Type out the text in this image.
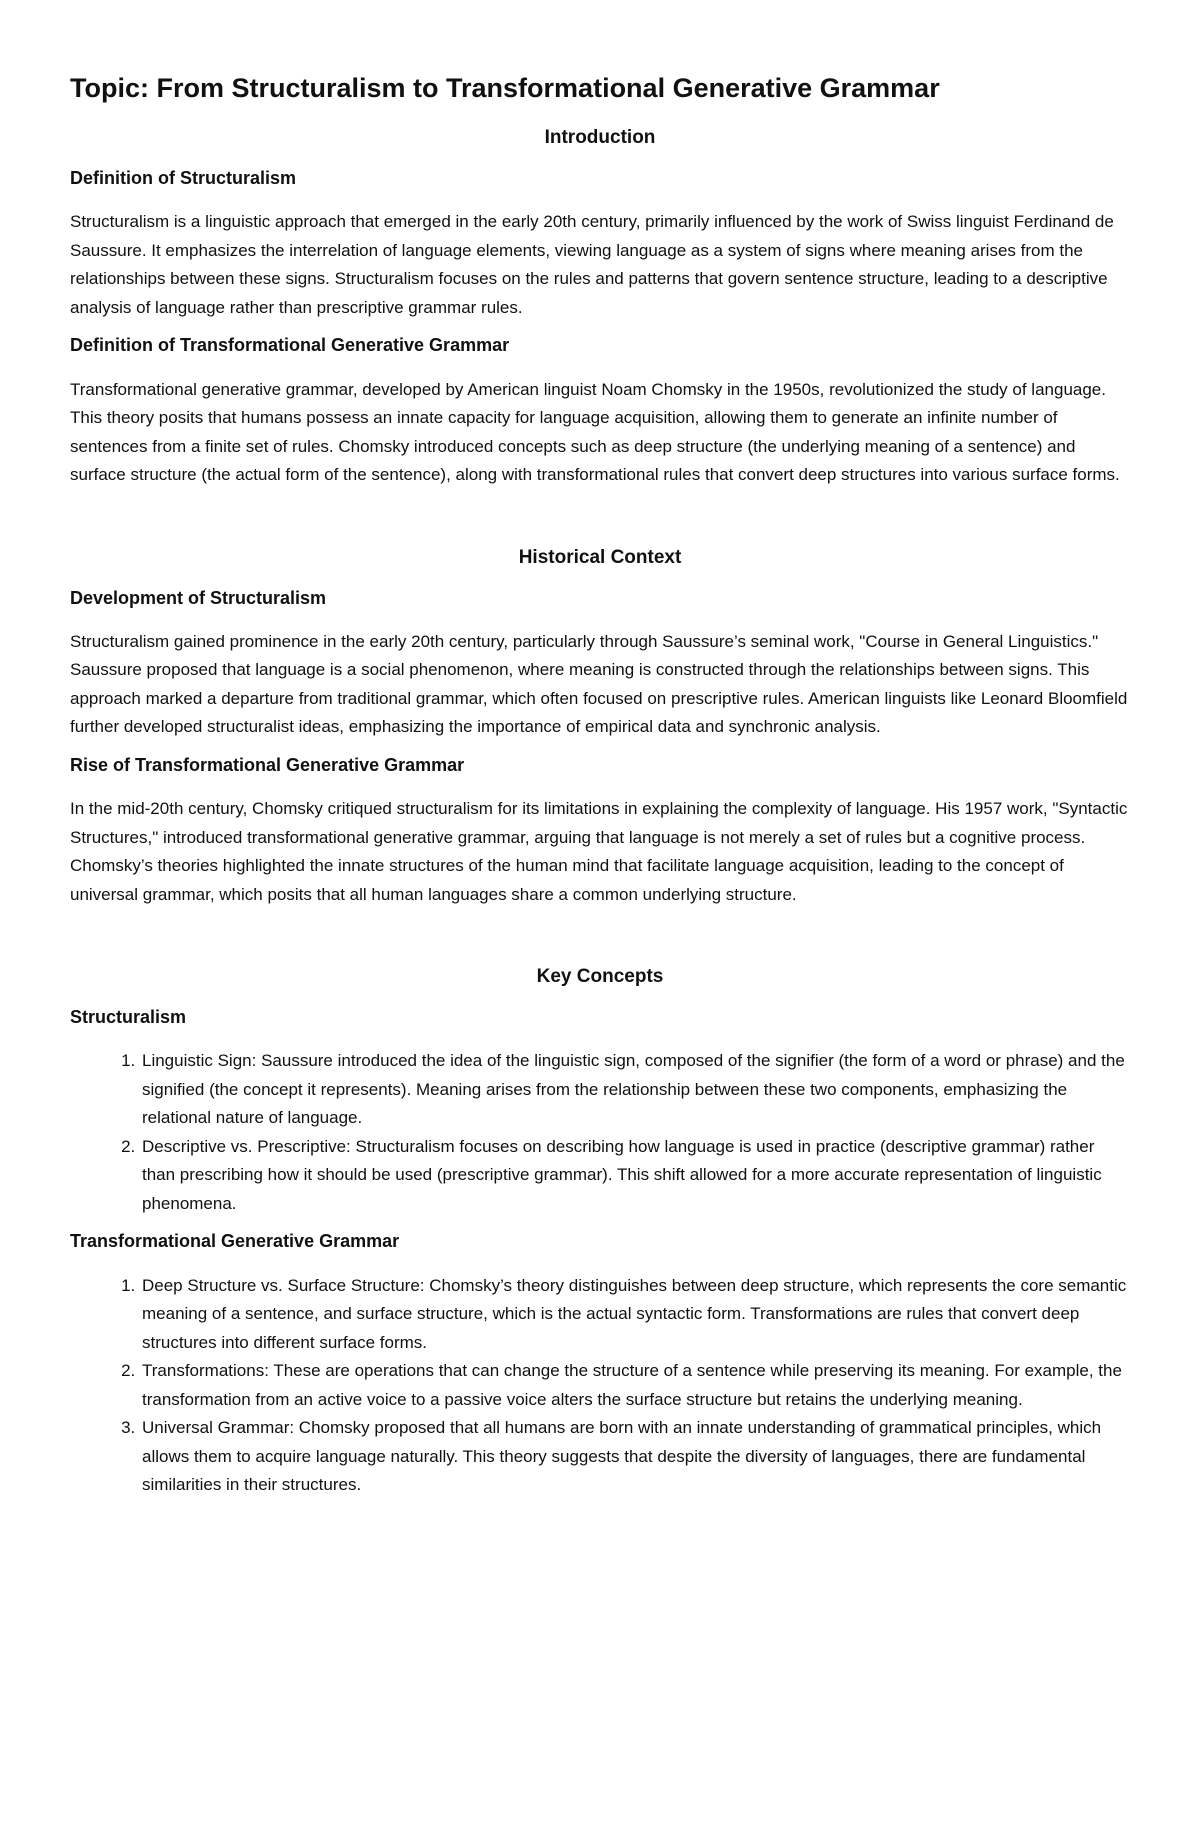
Topic: From Structuralism to Transformational Generative Grammar
Introduction
Definition of Structuralism

Structuralism is a linguistic approach that emerged in the early 20th century, primarily influenced by the work of Swiss linguist Ferdinand de Saussure. It emphasizes the interrelation of language elements, viewing language as a system of signs where meaning arises from the relationships between these signs. Structuralism focuses on the rules and patterns that govern sentence structure, leading to a descriptive analysis of language rather than prescriptive grammar rules.

Definition of Transformational Generative Grammar

Transformational generative grammar, developed by American linguist Noam Chomsky in the 1950s, revolutionized the study of language. This theory posits that humans possess an innate capacity for language acquisition, allowing them to generate an infinite number of sentences from a finite set of rules. Chomsky introduced concepts such as deep structure (the underlying meaning of a sentence) and surface structure (the actual form of the sentence), along with transformational rules that convert deep structures into various surface forms.

Historical Context
Development of Structuralism

Structuralism gained prominence in the early 20th century, particularly through Saussure’s seminal work, "Course in General Linguistics." Saussure proposed that language is a social phenomenon, where meaning is constructed through the relationships between signs. This approach marked a departure from traditional grammar, which often focused on prescriptive rules. American linguists like Leonard Bloomfield further developed structuralist ideas, emphasizing the importance of empirical data and synchronic analysis.

Rise of Transformational Generative Grammar

In the mid-20th century, Chomsky critiqued structuralism for its limitations in explaining the complexity of language. His 1957 work, "Syntactic Structures," introduced transformational generative grammar, arguing that language is not merely a set of rules but a cognitive process. Chomsky’s theories highlighted the innate structures of the human mind that facilitate language acquisition, leading to the concept of universal grammar, which posits that all human languages share a common underlying structure.

Key Concepts
Structuralism
1. Linguistic Sign: Saussure introduced the idea of the linguistic sign, composed of the signifier (the form of a word or phrase) and the signified (the concept it represents). Meaning arises from the relationship between these two components, emphasizing the relational nature of language.
2. Descriptive vs. Prescriptive: Structuralism focuses on describing how language is used in practice (descriptive grammar) rather than prescribing how it should be used (prescriptive grammar). This shift allowed for a more accurate representation of linguistic phenomena.
Transformational Generative Grammar
1. Deep Structure vs. Surface Structure: Chomsky’s theory distinguishes between deep structure, which represents the core semantic meaning of a sentence, and surface structure, which is the actual syntactic form. Transformations are rules that convert deep structures into different surface forms.
2. Transformations: These are operations that can change the structure of a sentence while preserving its meaning. For example, the transformation from an active voice to a passive voice alters the surface structure but retains the underlying meaning.
3. Universal Grammar: Chomsky proposed that all humans are born with an innate understanding of grammatical principles, which allows them to acquire language naturally. This theory suggests that despite the diversity of languages, there are fundamental similarities in their structures.
